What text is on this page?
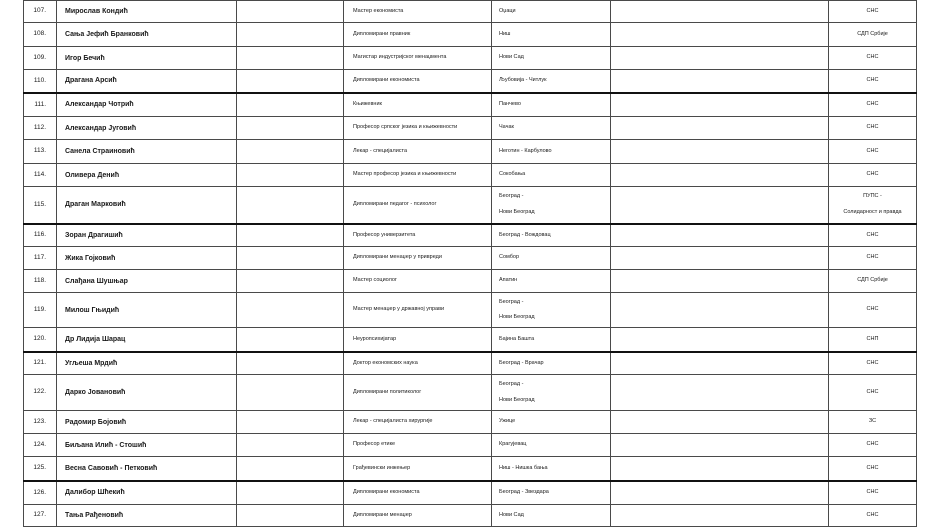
107.	Мирослав Кондић		Мастер економиста	Оџаци		СНС

108.	Сања Јефић Бранковић		Дипломирани правник	Ниш		СДП Србије

109.	Игор Бечић		Магистар индустријског менаџмента	Нови Сад		СНС

110.	Драгана Арсић		Дипломирани економиста	Љубовија - Читлук		СНС

111.	Александар Чотрић		Књижевник	Панчево		СНС

112.	Александар Југовић		Професор српског језика и књижевности	Чачак		СНС

113.	Санела Страиновић		Лекар - специјалиста	Неготин - Карбулово		СНС

114.	Оливера Денић		Мастер професор језика и књижевности	Сокобања		СНС

115.	Драган Марковић		Дипломирани педагог - психолог	Београд -
Нови Београд		ПУПС -
Солидарност и правда

116.	Зоран Драгишић		Професор универзитета	Београд - Вождовац		СНС

117.	Жика Гојковић		Дипломирани менаџер у привреди	Сомбор		СНС

118.	Слађана Шушњар		Мастер социолог	Апатин		СДП Србије

119.	Милош Гњидић		Мастер менаџер у државној управи	Београд -
Нови Београд		СНС

120.	Др Лидија Шарац		Неуропсихијатар	Бајина Башта		СНП

121.	Угљеша Мрдић		Доктор економских наука	Београд - Врачар		СНС

122.	Дарко Јовановић		Дипломирани политиколог	Београд -
Нови Београд		СНС

123.	Радомир Бојовић		Лекар - специјалиста хирургије	Ужице		ЗС

124.	Биљана Илић - Стошић		Професор етике	Крагујевац		СНС

125.	Весна Савовић - Петковић		Грађевински инжењер	Ниш - Нишка бања		СНС

126.	Далибор Шћекић		Дипломирани економиста	Београд - Звездара		СНС

127.	Тања Рађеновић		Дипломирани менаџер	Нови Сад		СНС
